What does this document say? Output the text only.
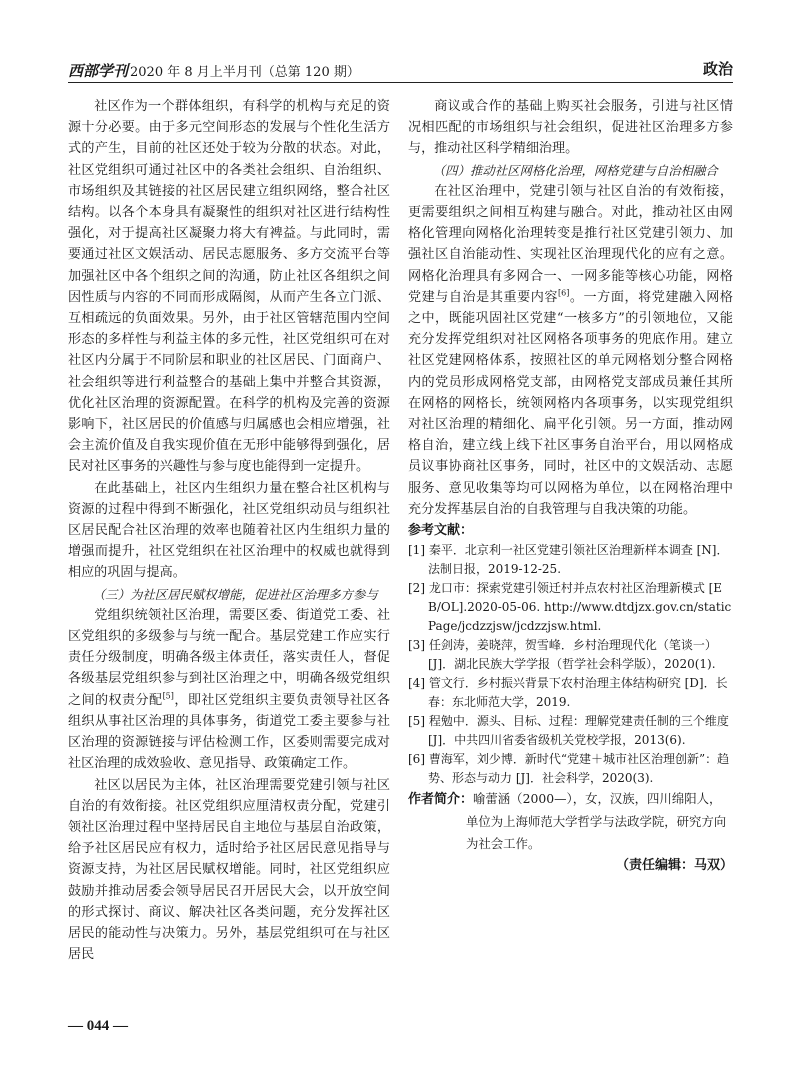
西部学刊 2020 年 8 月上半月刊（总第 120 期）	政治

社区作为一个群体组织，有科学的机构与充足的资源十分必要。由于多元空间形态的发展与个性化生活方式的产生，目前的社区还处于较为分散的状态。对此，社区党组织可通过社区中的各类社会组织、自治组织、市场组织及其链接的社区居民建立组织网络，整合社区结构。以各个本身具有凝聚性的组织对社区进行结构性强化，对于提高社区凝聚力将大有裨益。与此同时，需要通过社区文娱活动、居民志愿服务、多方交流平台等加强社区中各个组织之间的沟通，防止社区各组织之间因性质与内容的不同而形成隔阂，从而产生各立门派、互相疏远的负面效果。另外，由于社区管辖范围内空间形态的多样性与利益主体的多元性，社区党组织可在对社区内分属于不同阶层和职业的社区居民、门面商户、社会组织等进行利益整合的基础上集中并整合其资源，优化社区治理的资源配置。在科学的机构及完善的资源影响下，社区居民的价值感与归属感也会相应增强，社会主流价值及自我实现价值在无形中能够得到强化，居民对社区事务的兴趣性与参与度也能得到一定提升。

在此基础上，社区内生组织力量在整合社区机构与资源的过程中得到不断强化，社区党组织动员与组织社区居民配合社区治理的效率也随着社区内生组织力量的增强而提升，社区党组织在社区治理中的权威也就得到相应的巩固与提高。

（三）为社区居民赋权增能，促进社区治理多方参与

党组织统领社区治理，需要区委、街道党工委、社区党组织的多级参与与统一配合。基层党建工作应实行责任分级制度，明确各级主体责任，落实责任人，督促各级基层党组织参与到社区治理之中，明确各级党组织之间的权责分配[5]，即社区党组织主要负责领导社区各组织从事社区治理的具体事务，街道党工委主要参与社区治理的资源链接与评估检测工作，区委则需要完成对社区治理的成效验收、意见指导、政策确定工作。

社区以居民为主体，社区治理需要党建引领与社区自治的有效衔接。社区党组织应厘清权责分配，党建引领社区治理过程中坚持居民自主地位与基层自治政策，给予社区居民应有权力，适时给予社区居民意见指导与资源支持，为社区居民赋权增能。同时，社区党组织应鼓励并推动居委会领导居民召开居民大会，以开放空间的形式探讨、商议、解决社区各类问题，充分发挥社区居民的能动性与决策力。另外，基层党组织可在与社区居民

商议或合作的基础上购买社会服务，引进与社区情况相匹配的市场组织与社会组织，促进社区治理多方参与，推动社区科学精细治理。

（四）推动社区网格化治理，网格党建与自治相融合

在社区治理中，党建引领与社区自治的有效衔接，更需要组织之间相互构建与融合。对此，推动社区由网格化管理向网格化治理转变是推行社区党建引领力、加强社区自治能动性、实现社区治理现代化的应有之意。网格化治理具有多网合一、一网多能等核心功能，网格党建与自治是其重要内容[6]。一方面，将党建融入网格之中，既能巩固社区党建“一核多方”的引领地位，又能充分发挥党组织对社区网格各项事务的兜底作用。建立社区党建网格体系，按照社区的单元网格划分整合网格内的党员形成网格党支部，由网格党支部成员兼任其所在网格的网格长，统领网格内各项事务，以实现党组织对社区治理的精细化、扁平化引领。另一方面，推动网格自治，建立线上线下社区事务自治平台，用以网格成员议事协商社区事务，同时，社区中的文娱活动、志愿服务、意见收集等均可以网格为单位，以在网格治理中充分发挥基层自治的自我管理与自我决策的功能。

参考文献：

[1] 秦平．北京利一社区党建引领社区治理新样本调查 [N]．法制日报，2019-12-25.

[2] 龙口市：探索党建引领迁村并点农村社区治理新模式 [EB/OL].2020-05-06. http://www.dtdjzx.gov.cn/staticPage/jcdzzjsw/jcdzzjsw.html.

[3] 任剑涛，姜晓萍，贺雪峰．乡村治理现代化（笔谈一）[J]．湖北民族大学学报（哲学社会科学版），2020(1).

[4] 管文行．乡村振兴背景下农村治理主体结构研究 [D]．长春：东北师范大学，2019.

[5] 程勉中．源头、目标、过程：理解党建责任制的三个维度 [J]．中共四川省委省级机关党校学报，2013(6).

[6] 曹海军，刘少博．新时代“党建＋城市社区治理创新”：趋势、形态与动力 [J]．社会科学，2020(3).

作者简介：喻蕾涵（2000—），女，汉族，四川绵阳人，单位为上海师范大学哲学与法政学院，研究方向为社会工作。

（责任编辑：马双）

— 044 —
